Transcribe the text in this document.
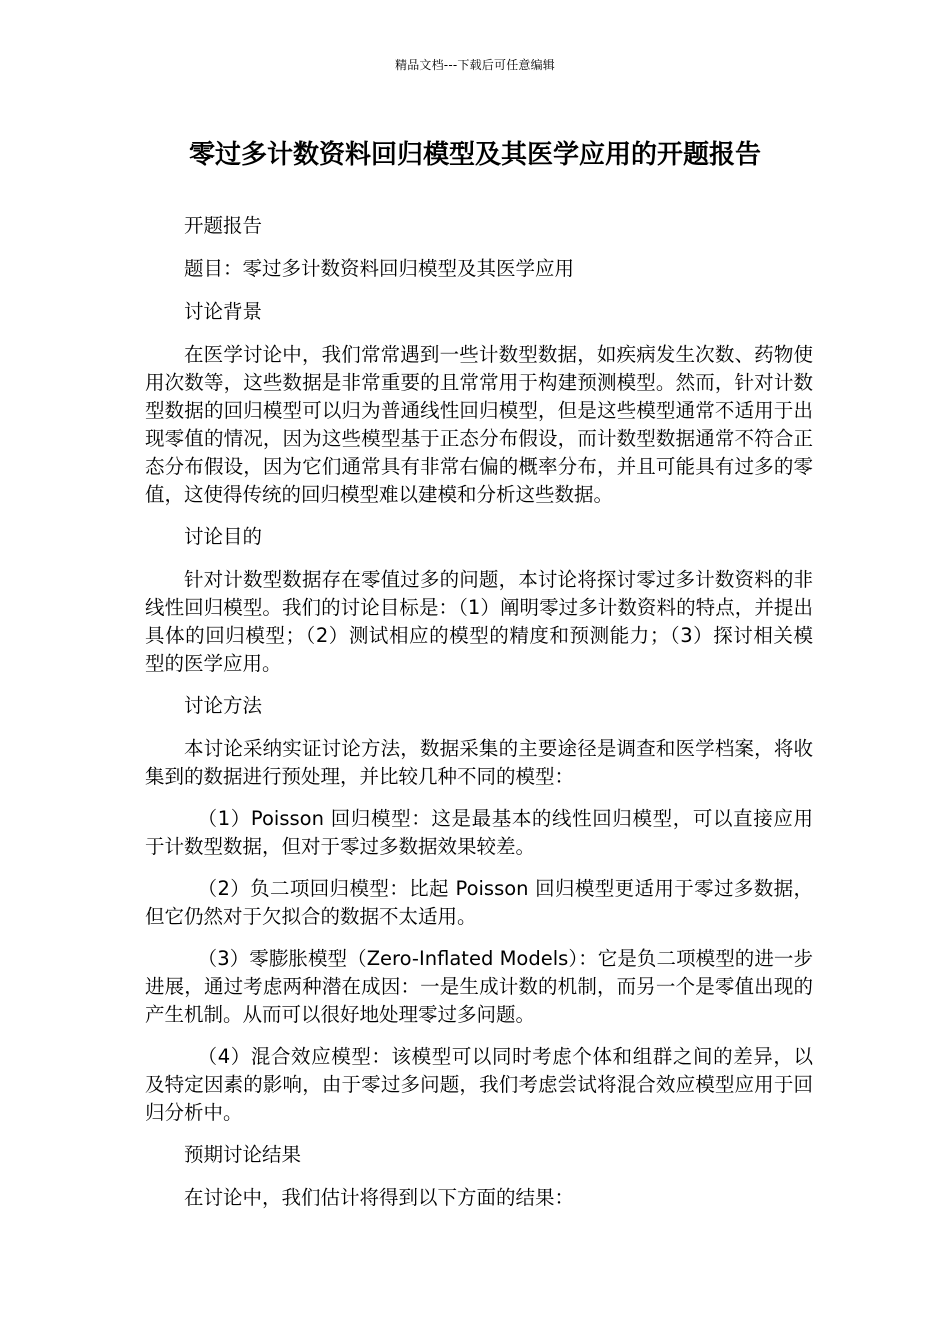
精品文档---下载后可任意编辑
零过多计数资料回归模型及其医学应用的开题报告

开题报告

题目：零过多计数资料回归模型及其医学应用

讨论背景

在医学讨论中，我们常常遇到一些计数型数据，如疾病发生次数、药物使用次数等，这些数据是非常重要的且常常用于构建预测模型。然而，针对计数型数据的回归模型可以归为普通线性回归模型，但是这些模型通常不适用于出现零值的情况，因为这些模型基于正态分布假设，而计数型数据通常不符合正态分布假设，因为它们通常具有非常右偏的概率分布，并且可能具有过多的零值，这使得传统的回归模型难以建模和分析这些数据。

讨论目的

针对计数型数据存在零值过多的问题，本讨论将探讨零过多计数资料的非线性回归模型。我们的讨论目标是：（1）阐明零过多计数资料的特点，并提出具体的回归模型；（2）测试相应的模型的精度和预测能力；（3）探讨相关模型的医学应用。

讨论方法

本讨论采纳实证讨论方法，数据采集的主要途径是调查和医学档案，将收集到的数据进行预处理，并比较几种不同的模型：

（1）Poisson 回归模型：这是最基本的线性回归模型，可以直接应用于计数型数据，但对于零过多数据效果较差。

（2）负二项回归模型：比起 Poisson 回归模型更适用于零过多数据，但它仍然对于欠拟合的数据不太适用。

（3）零膨胀模型（Zero-Inflated Models）：它是负二项模型的进一步进展，通过考虑两种潜在成因：一是生成计数的机制，而另一个是零值出现的产生机制。从而可以很好地处理零过多问题。

（4）混合效应模型：该模型可以同时考虑个体和组群之间的差异，以及特定因素的影响，由于零过多问题，我们考虑尝试将混合效应模型应用于回归分析中。

预期讨论结果

在讨论中，我们估计将得到以下方面的结果：
